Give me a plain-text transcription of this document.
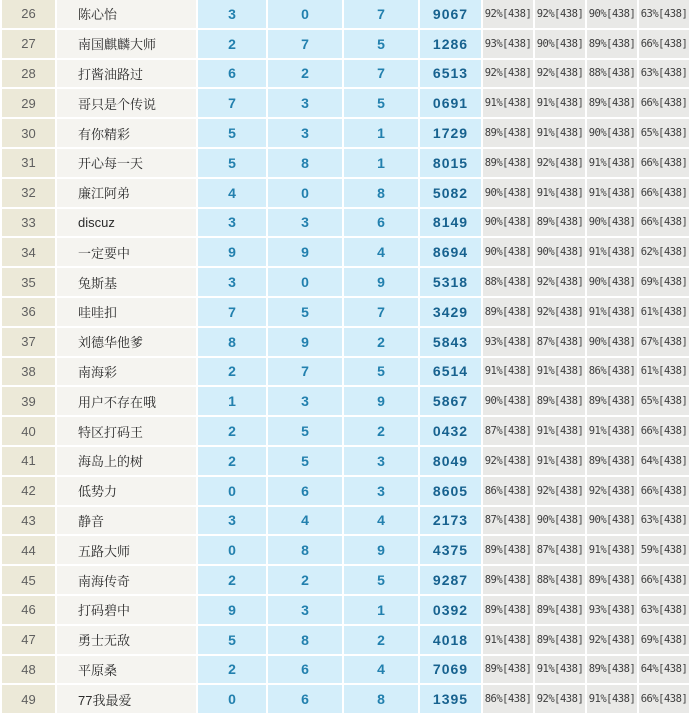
26	陈心怡	3	0	7	9067	92%[438]	92%[438]	90%[438]	63%[438]
27	南国麒麟大师	2	7	5	1286	93%[438]	90%[438]	89%[438]	66%[438]
28	打酱油路过	6	2	7	6513	92%[438]	92%[438]	88%[438]	63%[438]
29	哥只是个传说	7	3	5	0691	91%[438]	91%[438]	89%[438]	66%[438]
30	有你精彩	5	3	1	1729	89%[438]	91%[438]	90%[438]	65%[438]
31	开心每一天	5	8	1	8015	89%[438]	92%[438]	91%[438]	66%[438]
32	廉江阿弟	4	0	8	5082	90%[438]	91%[438]	91%[438]	66%[438]
33	discuz	3	3	6	8149	90%[438]	89%[438]	90%[438]	66%[438]
34	一定要中	9	9	4	8694	90%[438]	90%[438]	91%[438]	62%[438]
35	兔斯基	3	0	9	5318	88%[438]	92%[438]	90%[438]	69%[438]
36	哇哇扣	7	5	7	3429	89%[438]	92%[438]	91%[438]	61%[438]
37	刘德华他爹	8	9	2	5843	93%[438]	87%[438]	90%[438]	67%[438]
38	南海彩	2	7	5	6514	91%[438]	91%[438]	86%[438]	61%[438]
39	用户不存在哦	1	3	9	5867	90%[438]	89%[438]	89%[438]	65%[438]
40	特区打码王	2	5	2	0432	87%[438]	91%[438]	91%[438]	66%[438]
41	海岛上的树	2	5	3	8049	92%[438]	91%[438]	89%[438]	64%[438]
42	低势力	0	6	3	8605	86%[438]	92%[438]	92%[438]	66%[438]
43	静音	3	4	4	2173	87%[438]	90%[438]	90%[438]	63%[438]
44	五路大师	0	8	9	4375	89%[438]	87%[438]	91%[438]	59%[438]
45	南海传奇	2	2	5	9287	89%[438]	88%[438]	89%[438]	66%[438]
46	打码碧中	9	3	1	0392	89%[438]	89%[438]	93%[438]	63%[438]
47	勇士无敌	5	8	2	4018	91%[438]	89%[438]	92%[438]	69%[438]
48	平原桑	2	6	4	7069	89%[438]	91%[438]	89%[438]	64%[438]
49	77我最爱	0	6	8	1395	86%[438]	92%[438]	91%[438]	66%[438]
